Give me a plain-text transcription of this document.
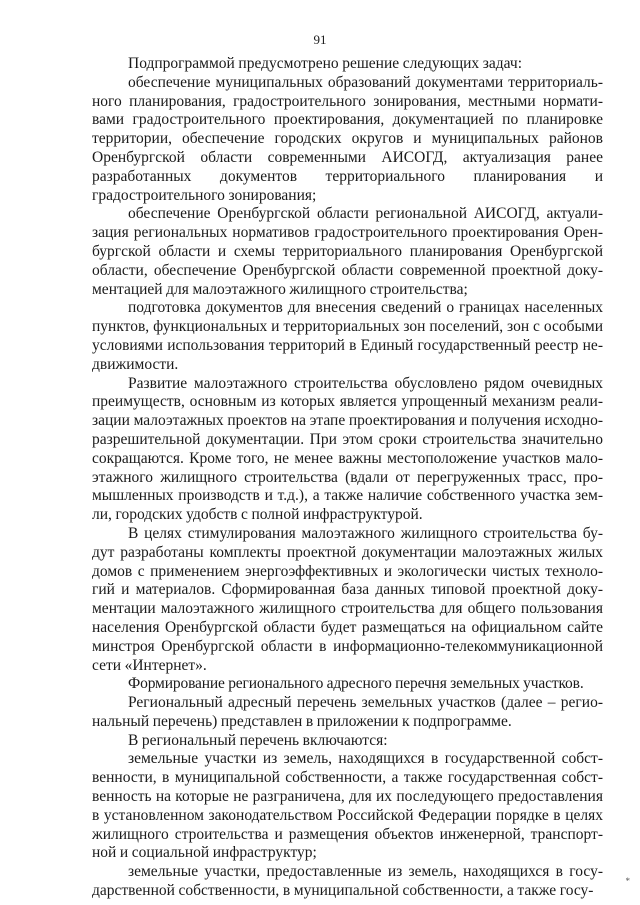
91

Подпрограммой предусмотрено решение следующих задач:

обеспечение муниципальных образований документами территориального планирования, градостроительного зонирования, местными нормативами градостроительного проектирования, документацией по планировке территории, обеспечение городских округов и муниципальных районов Оренбургской области современными АИСОГД, актуализация ранее разработанных документов территориального планирования и градостроительного зонирования;

обеспечение Оренбургской области региональной АИСОГД, актуализация региональных нормативов градостроительного проектирования Оренбургской области и схемы территориального планирования Оренбургской области, обеспечение Оренбургской области современной проектной документацией для малоэтажного жилищного строительства;

подготовка документов для внесения сведений о границах населенных пунктов, функциональных и территориальных зон поселений, зон с особыми условиями использования территорий в Единый государственный реестр недвижимости.

Развитие малоэтажного строительства обусловлено рядом очевидных преимуществ, основным из которых является упрощенный механизм реализации малоэтажных проектов на этапе проектирования и получения исходно-разрешительной документации. При этом сроки строительства значительно сокращаются. Кроме того, не менее важны местоположение участков малоэтажного жилищного строительства (вдали от перегруженных трасс, промышленных производств и т.д.), а также наличие собственного участка земли, городских удобств с полной инфраструктурой.

В целях стимулирования малоэтажного жилищного строительства будут разработаны комплекты проектной документации малоэтажных жилых домов с применением энергоэффективных и экологически чистых технологий и материалов. Сформированная база данных типовой проектной документации малоэтажного жилищного строительства для общего пользования населения Оренбургской области будет размещаться на официальном сайте минстроя Оренбургской области в информационно-телекоммуникационной сети «Интернет».

Формирование регионального адресного перечня земельных участков.

Региональный адресный перечень земельных участков (далее – региональный перечень) представлен в приложении к подпрограмме.

В региональный перечень включаются:

земельные участки из земель, находящихся в государственной собственности, в муниципальной собственности, а также государственная собственность на которые не разграничена, для их последующего предоставления в установленном законодательством Российской Федерации порядке в целях жилищного строительства и размещения объектов инженерной, транспортной и социальной инфраструктур;

земельные участки, предоставленные из земель, находящихся в государственной собственности, в муниципальной собственности, а также госу-

*
